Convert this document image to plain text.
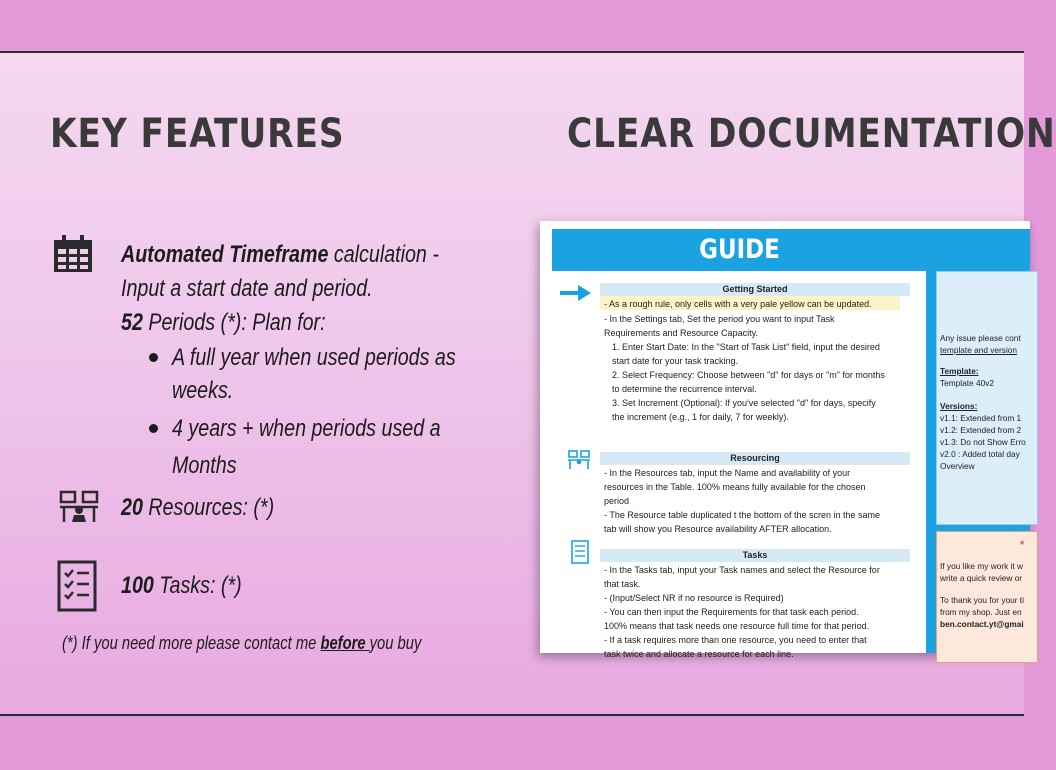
KEY FEATURES	CLEAR DOCUMENTATION
Automated Timeframe calculation -
Input a start date and period.
52 Periods (*): Plan for:
A full year when used periods as
weeks.
4 years + when periods used a
Months
20 Resources: (*)
100 Tasks: (*)
(*) If you need more please contact me before you buy
GUIDE
Getting Started
- As a rough rule, only cells with a very pale yellow can be updated.
- In the Settings tab, Set the period you want to input Task
Requirements and Resource Capacity.
1. Enter Start Date: In the "Start of Task List" field, input the desired
start date for your task tracking.
2. Select Frequency: Choose between "d" for days or "m" for months
to determine the recurrence interval.
3. Set Increment (Optional): If you've selected "d" for days, specify
the increment (e.g., 1 for daily, 7 for weekly).
Resourcing
- In the Resources tab, input the Name and availability of your
resources in the Table. 100% means fully available for the chosen
period
- The Resource table duplicated t the bottom of the scren in the same
tab will show you Resource availability AFTER allocation.
Tasks
- In the Tasks tab, input your Task names and select the Resource for
that task.
- (Input/Select NR if no resource is Required)
- You can then input the Requirements for that task each period.
100% means that task needs one resource full time for that period.
- If a task requires more than one resource, you need to enter that
task twice and allocate a resource for each line.
Any issue please cont
template and version
Template:
Template 40v2
Versions:
v1.1: Extended from 1
v1.2: Extended from 2
v1.3: Do not Show Erro
v2.0 : Added total day
Overview
*
If you like my work it w
write a quick review or
To thank you for your ti
from my shop. Just en
ben.contact.yt@gmai
